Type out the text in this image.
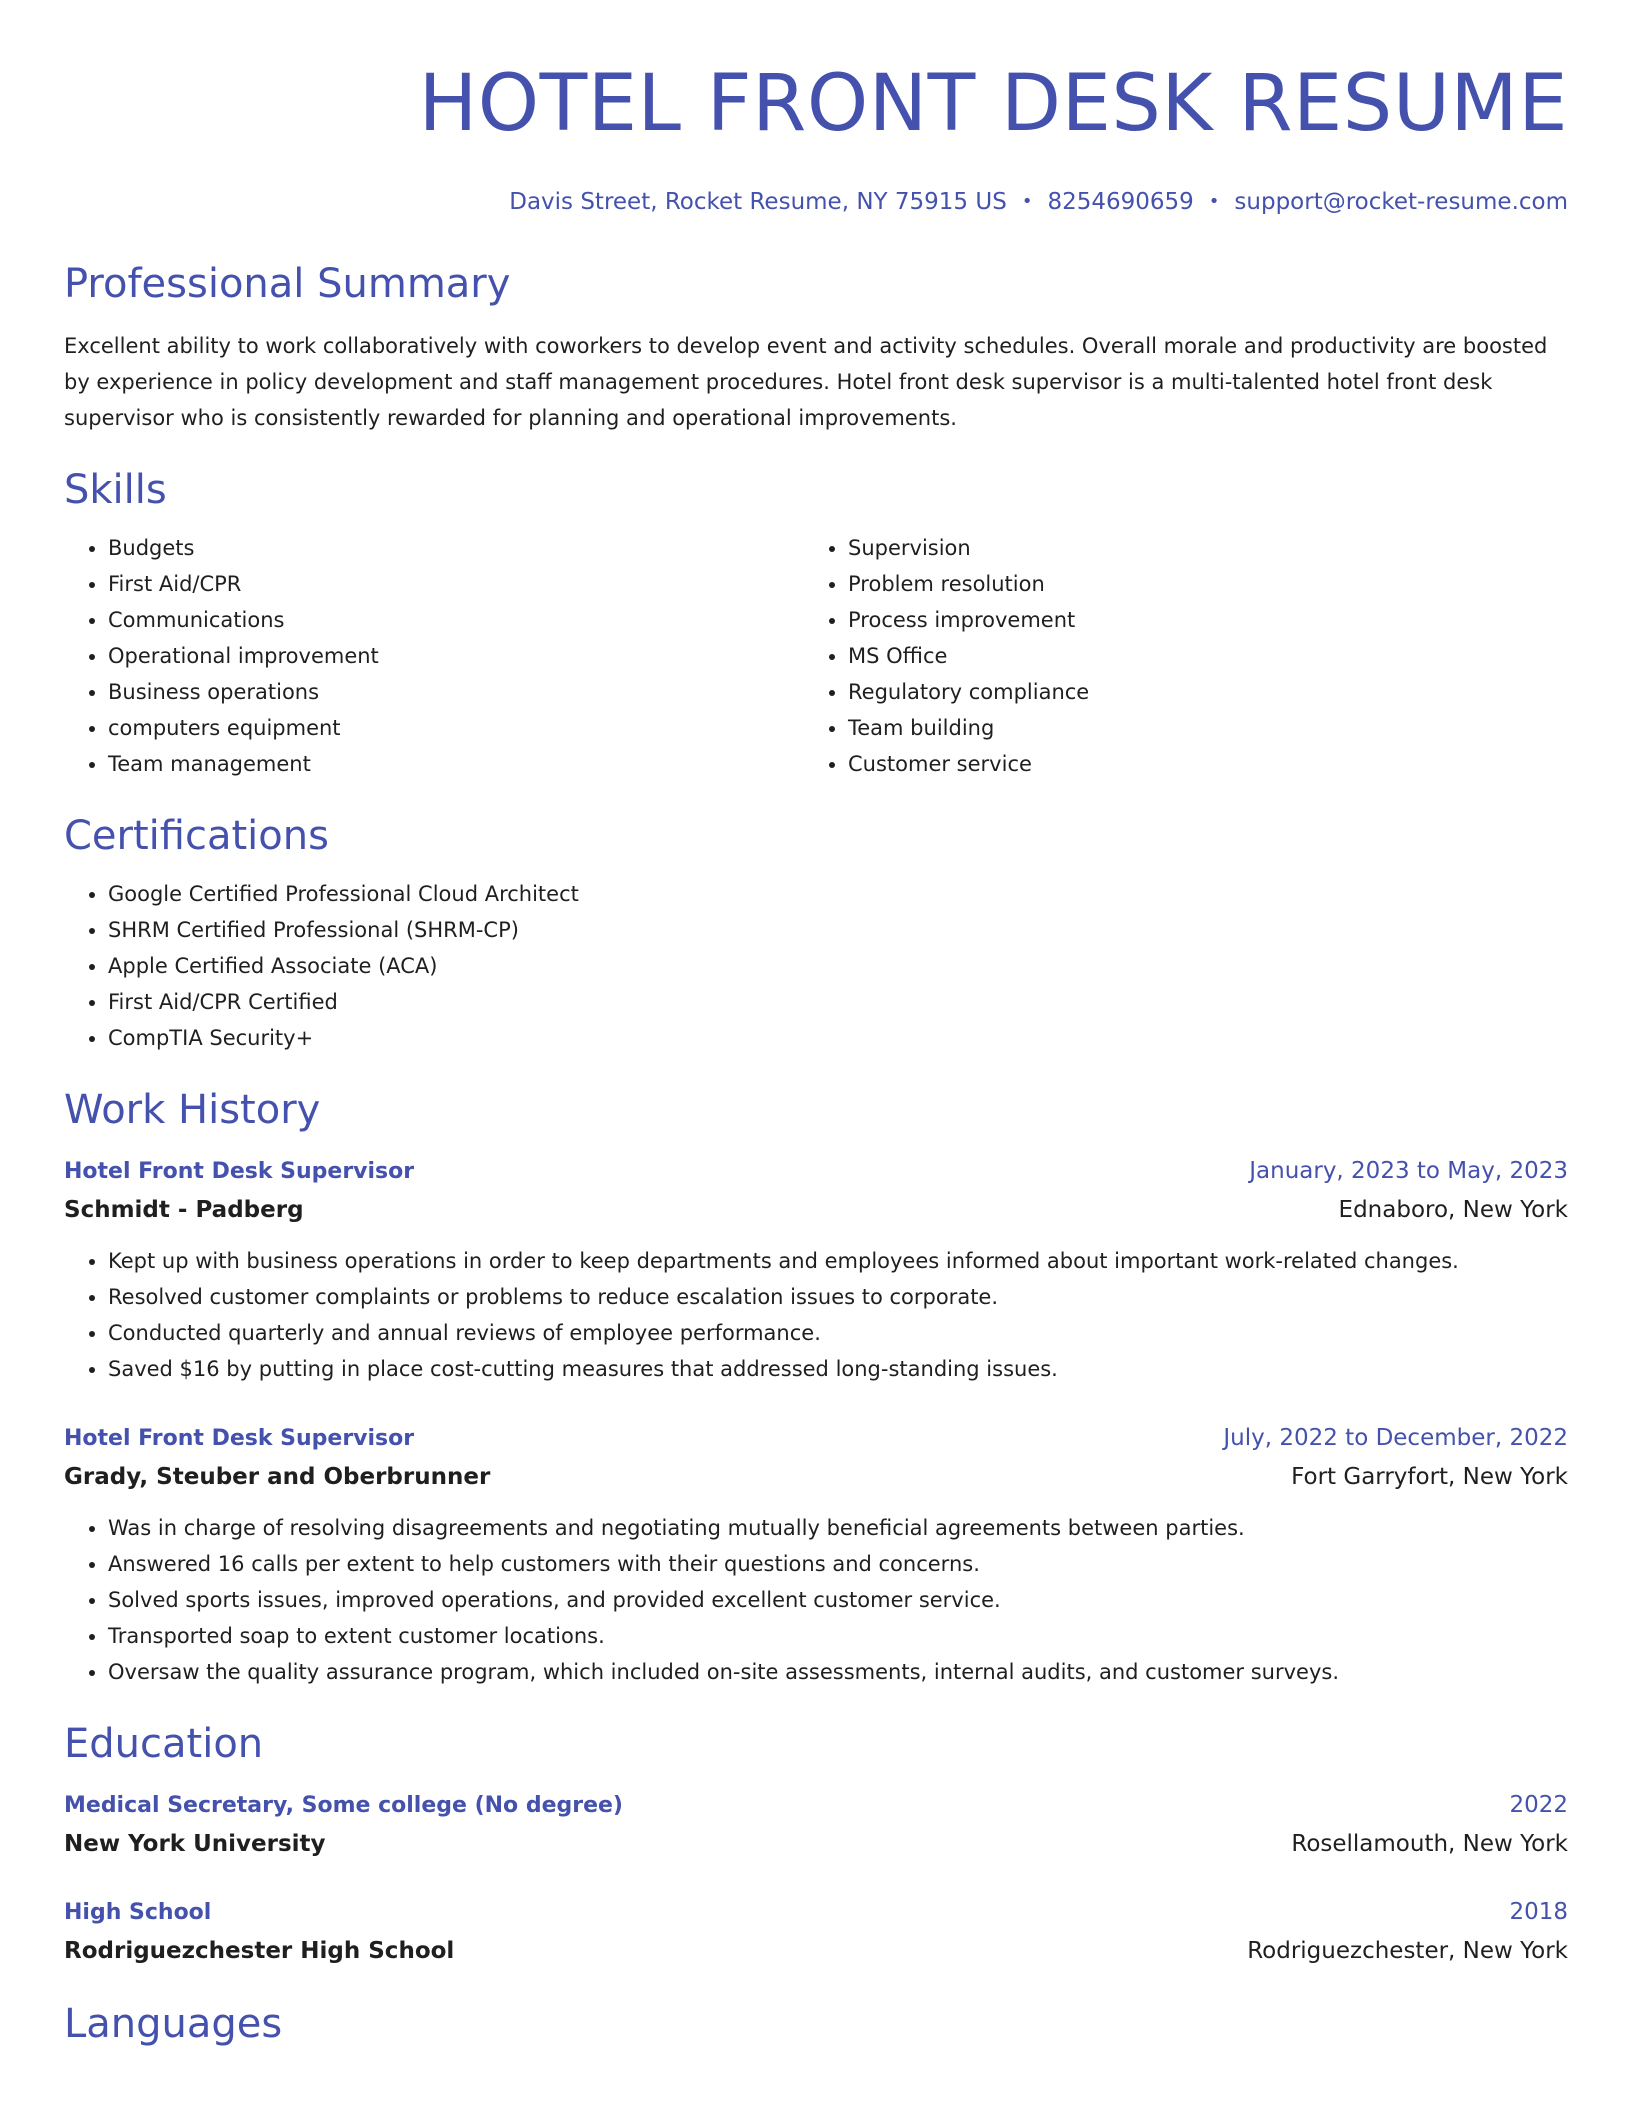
HOTEL FRONT DESK RESUME
Davis Street, Rocket Resume, NY 75915 US • 8254690659 • support@rocket-resume.com
Professional Summary

Excellent ability to work collaboratively with coworkers to develop event and activity schedules. Overall morale and productivity are boosted by experience in policy development and staff management procedures. Hotel front desk supervisor is a multi-talented hotel front desk supervisor who is consistently rewarded for planning and operational improvements.

Skills
• Budgets
• First Aid/CPR
• Communications
• Operational improvement
• Business operations
• computers equipment
• Team management
• Supervision
• Problem resolution
• Process improvement
• MS Office
• Regulatory compliance
• Team building
• Customer service
Certifications
• Google Certified Professional Cloud Architect
• SHRM Certified Professional (SHRM-CP)
• Apple Certified Associate (ACA)
• First Aid/CPR Certified
• CompTIA Security+
Work History
Hotel Front Desk Supervisor	January, 2023 to May, 2023
Schmidt - Padberg	Ednaboro, New York
• Kept up with business operations in order to keep departments and employees informed about important work-related changes.
• Resolved customer complaints or problems to reduce escalation issues to corporate.
• Conducted quarterly and annual reviews of employee performance.
• Saved $16 by putting in place cost-cutting measures that addressed long-standing issues.
Hotel Front Desk Supervisor	July, 2022 to December, 2022
Grady, Steuber and Oberbrunner	Fort Garryfort, New York
• Was in charge of resolving disagreements and negotiating mutually beneficial agreements between parties.
• Answered 16 calls per extent to help customers with their questions and concerns.
• Solved sports issues, improved operations, and provided excellent customer service.
• Transported soap to extent customer locations.
• Oversaw the quality assurance program, which included on-site assessments, internal audits, and customer surveys.
Education
Medical Secretary, Some college (No degree)	2022
New York University	Rosellamouth, New York
High School	2018
Rodriguezchester High School	Rodriguezchester, New York
Languages
